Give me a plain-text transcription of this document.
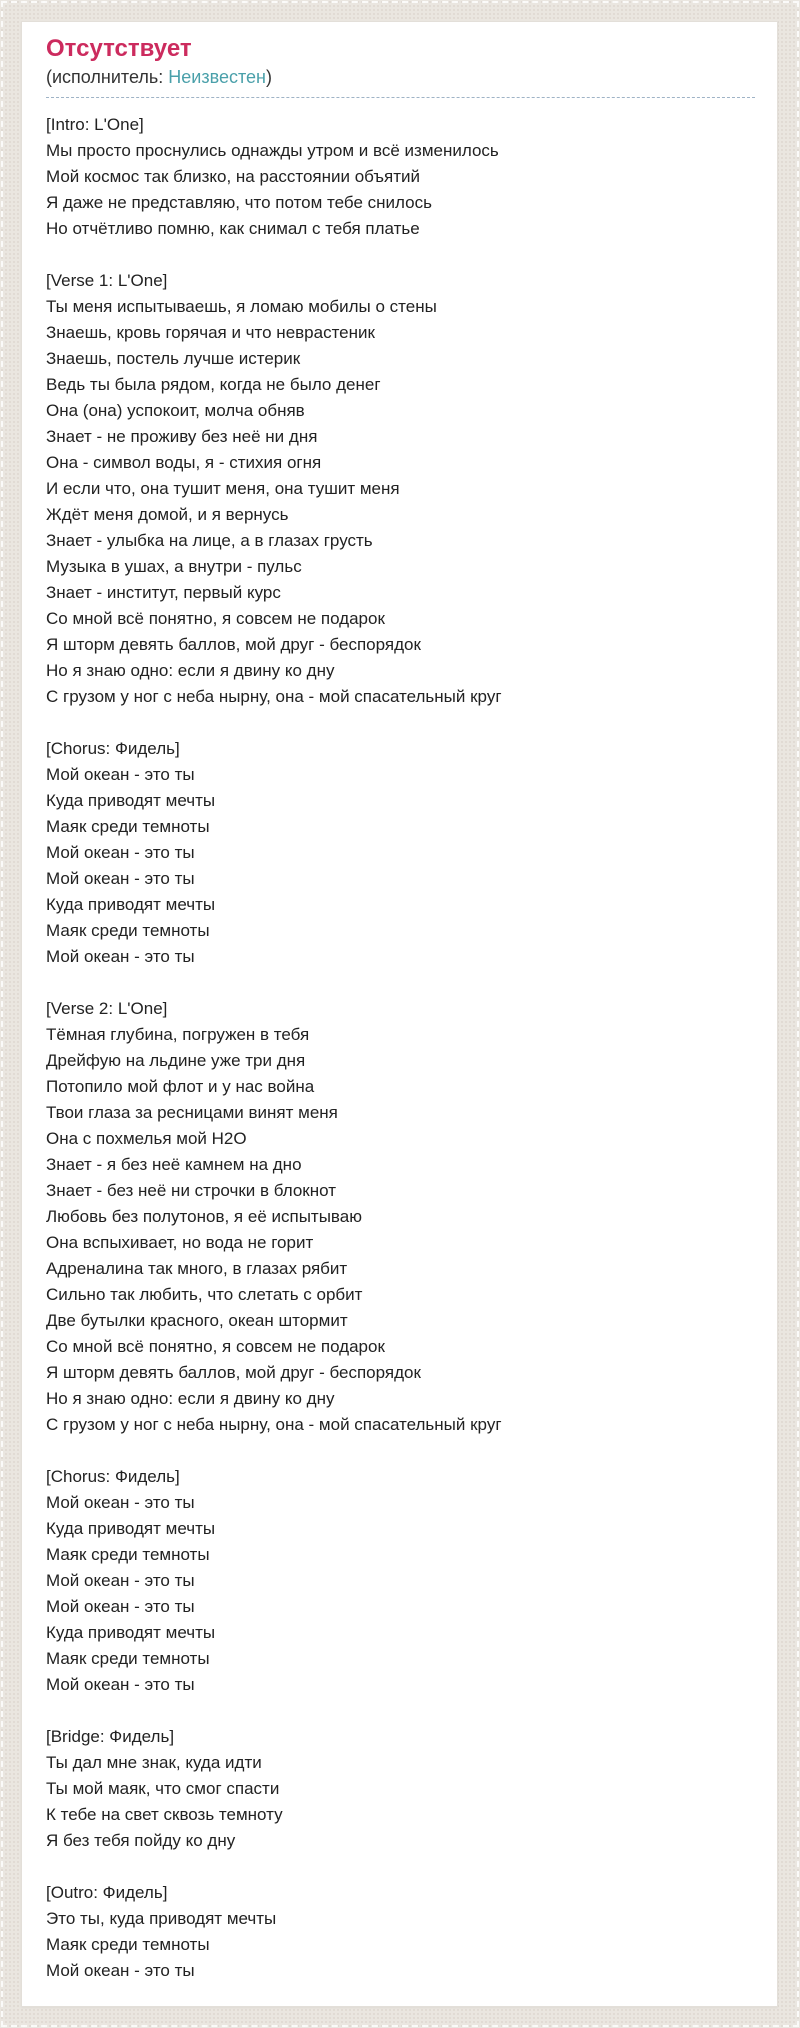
Отсутствует
(исполнитель: Неизвестен)
[Intro: L'One]
Мы просто проснулись однажды утром и всё изменилось
Мой космос так близко, на расстоянии объятий
Я даже не представляю, что потом тебе снилось
Но отчётливо помню, как снимал с тебя платье
[Verse 1: L'One]
Ты меня испытываешь, я ломаю мобилы о стены
Знаешь, кровь горячая и что неврастеник
Знаешь, постель лучше истерик
Ведь ты была рядом, когда не было денег
Она (она) успокоит, молча обняв
Знает - не проживу без неё ни дня
Она - символ воды, я - стихия огня
И если что, она тушит меня, она тушит меня
Ждёт меня домой, и я вернусь
Знает - улыбка на лице, а в глазах грусть
Музыка в ушах, а внутри - пульс
Знает - институт, первый курс
Со мной всё понятно, я совсем не подарок
Я шторм девять баллов, мой друг - беспорядок
Но я знаю одно: если я двину ко дну
С грузом у ног с неба нырну, она - мой спасательный круг
[Chorus: Фидель]
Мой океан - это ты
Куда приводят мечты
Маяк среди темноты
Мой океан - это ты
Мой океан - это ты
Куда приводят мечты
Маяк среди темноты
Мой океан - это ты
[Verse 2: L'One]
Тёмная глубина, погружен в тебя
Дрейфую на льдине уже три дня
Потопило мой флот и у нас война
Твои глаза за ресницами винят меня
Она с похмелья мой H2O
Знает - я без неё камнем на дно
Знает - без неё ни строчки в блокнот
Любовь без полутонов, я её испытываю
Она вспыхивает, но вода не горит
Адреналина так много, в глазах рябит
Сильно так любить, что слетать с орбит
Две бутылки красного, океан штормит
Со мной всё понятно, я совсем не подарок
Я шторм девять баллов, мой друг - беспорядок
Но я знаю одно: если я двину ко дну
С грузом у ног с неба нырну, она - мой спасательный круг
[Chorus: Фидель]
Мой океан - это ты
Куда приводят мечты
Маяк среди темноты
Мой океан - это ты
Мой океан - это ты
Куда приводят мечты
Маяк среди темноты
Мой океан - это ты
[Bridge: Фидель]
Ты дал мне знак, куда идти
Ты мой маяк, что смог спасти
К тебе на свет сквозь темноту
Я без тебя пойду ко дну
[Outro: Фидель]
Это ты, куда приводят мечты
Маяк среди темноты
Мой океан - это ты
